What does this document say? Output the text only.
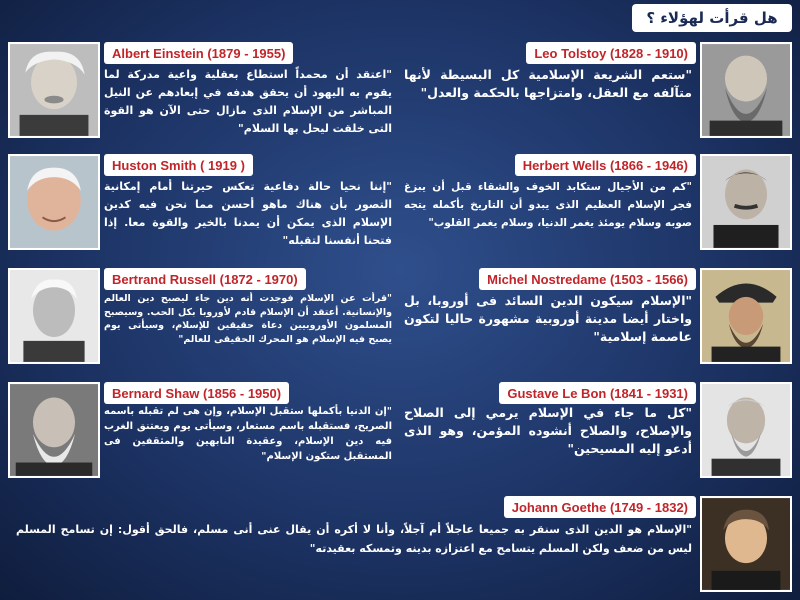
هل قرأت لهؤلاء ؟
Albert Einstein (1879 - 1955)
"اعتقد أن محمداً استطاع بعقلية واعية مدركة لما يقوم به اليهود أن يحقق هدفه في إبعادهم عن النيل المباشر من الإسلام الذى مازال حتى الآن هو القوة التى خلقت ليحل بها السلام"
Leo Tolstoy (1828 - 1910)
"ستعم الشريعة الإسلامية كل البسيطة لأنها متآلفه مع العقل، وامتزاجها بالحكمة والعدل"
Huston Smith ( 1919 )
"إننا نحيا حالة دفاعية تعكس حيرتنا أمام إمكانية التصور بأن هناك ماهو أحسن مما نحن فيه كدين الإسلام الذى يمكن أن يمدنا بالخير والقوة معا. إذا فتحنا أنفسنا لتقبله"
Herbert Wells (1866 - 1946)
"كم من الأجيال ستكابد الخوف والشقاء قبل أن يبزغ فجر الإسلام العظيم الذى يبدو أن التاريخ بأكمله يتجه صوبه وسلام يومئذ يغمر الدنيا، وسلام يغمر القلوب"
Bertrand Russell (1872 - 1970)
"قرأت عن الإسلام فوجدت أنه دين جاء ليصبح دين العالم والإنسانية. أعتقد أن الإسلام قادم لأوروبا بكل الحب. وسيصبح المسلمون الأوروبيين دعاة حقيقين للإسلام، وسيأتى يوم يصبح فيه الإسلام هو المحرك الحقيقى للعالم"
Michel Nostredame (1503 - 1566)
"الإسلام سيكون الدين السائد فى أوروبا، بل واختار أيضا مدينة أوروبية مشهورة حاليا لتكون عاصمة إسلامية"
Bernard Shaw (1856 - 1950)
"إن الدنيا بأكملها ستقبل الإسلام، وإن هى لم تقبله باسمه الصريح، فستقبله باسم مستعار، وسيأتى يوم ويعتنق الغرب فيه دين الإسلام، وعقيدة النابهين والمثقفين فى المستقبل ستكون الإسلام"
Gustave Le Bon (1841 - 1931)
"كل ما جاء في الإسلام يرمي إلى الصلاح والإصلاح، والصلاح أنشوده المؤمن، وهو الذى أدعو إليه المسيحين"
Johann Goethe (1749 - 1832)
"الإسلام هو الدين الذى سنقر به جميعا عاجلاً أم آجلاً، وأنا لا أكره أن يقال عنى أنى مسلم، فالحق أقول: إن تسامح المسلم ليس من ضعف ولكن المسلم يتسامح مع اعتزازه بدينه وتمسكه بعقيدته"
